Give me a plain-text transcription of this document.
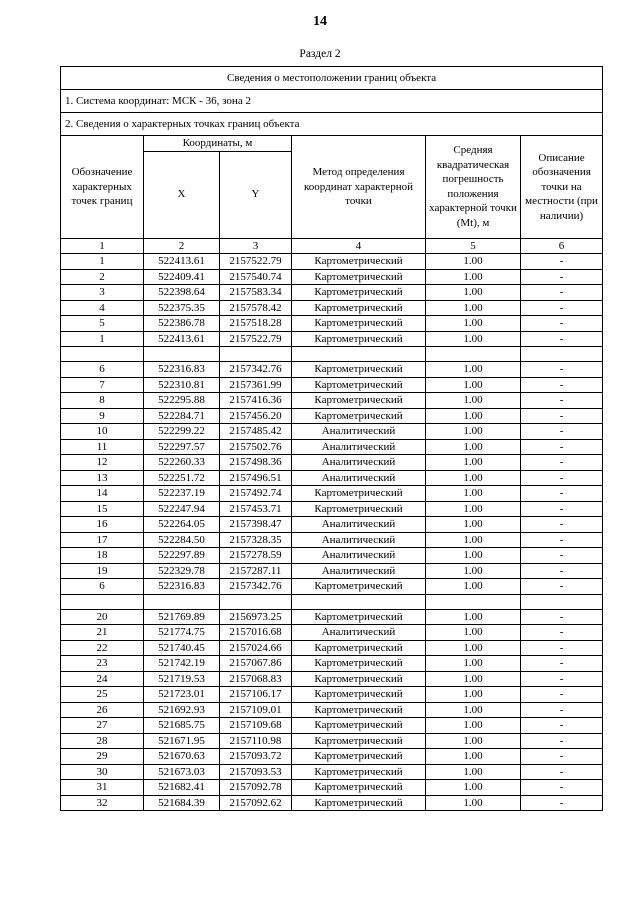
14
Раздел 2
Сведения о местоположении границ объекта					
1. Система координат: МСК - 36, зона 2					
2. Сведения о характерных точках границ объекта					
Обозначение характерных точек границ	Координаты, м		Метод определения координат характерной точки	Средняя квадратическая погрешность положения характерной точки (Mt), м	Описание обозначения точки на местности (при наличии)
	X	Y			
1	2	3	4	5	6
1	522413.61	2157522.79	Картометрический	1.00	-
2	522409.41	2157540.74	Картометрический	1.00	-
3	522398.64	2157583.34	Картометрический	1.00	-
4	522375.35	2157578.42	Картометрический	1.00	-
5	522386.78	2157518.28	Картометрический	1.00	-
1	522413.61	2157522.79	Картометрический	1.00	-

6	522316.83	2157342.76	Картометрический	1.00	-
7	522310.81	2157361.99	Картометрический	1.00	-
8	522295.88	2157416.36	Картометрический	1.00	-
9	522284.71	2157456.20	Картометрический	1.00	-
10	522299.22	2157485.42	Аналитический	1.00	-
11	522297.57	2157502.76	Аналитический	1.00	-
12	522260.33	2157498.36	Аналитический	1.00	-
13	522251.72	2157496.51	Аналитический	1.00	-
14	522237.19	2157492.74	Картометрический	1.00	-
15	522247.94	2157453.71	Картометрический	1.00	-
16	522264.05	2157398.47	Аналитический	1.00	-
17	522284.50	2157328.35	Аналитический	1.00	-
18	522297.89	2157278.59	Аналитический	1.00	-
19	522329.78	2157287.11	Аналитический	1.00	-
6	522316.83	2157342.76	Картометрический	1.00	-

20	521769.89	2156973.25	Картометрический	1.00	-
21	521774.75	2157016.68	Аналитический	1.00	-
22	521740.45	2157024.66	Картометрический	1.00	-
23	521742.19	2157067.86	Картометрический	1.00	-
24	521719.53	2157068.83	Картометрический	1.00	-
25	521723.01	2157106.17	Картометрический	1.00	-
26	521692.93	2157109.01	Картометрический	1.00	-
27	521685.75	2157109.68	Картометрический	1.00	-
28	521671.95	2157110.98	Картометрический	1.00	-
29	521670.63	2157093.72	Картометрический	1.00	-
30	521673.03	2157093.53	Картометрический	1.00	-
31	521682.41	2157092.78	Картометрический	1.00	-
32	521684.39	2157092.62	Картометрический	1.00	-
